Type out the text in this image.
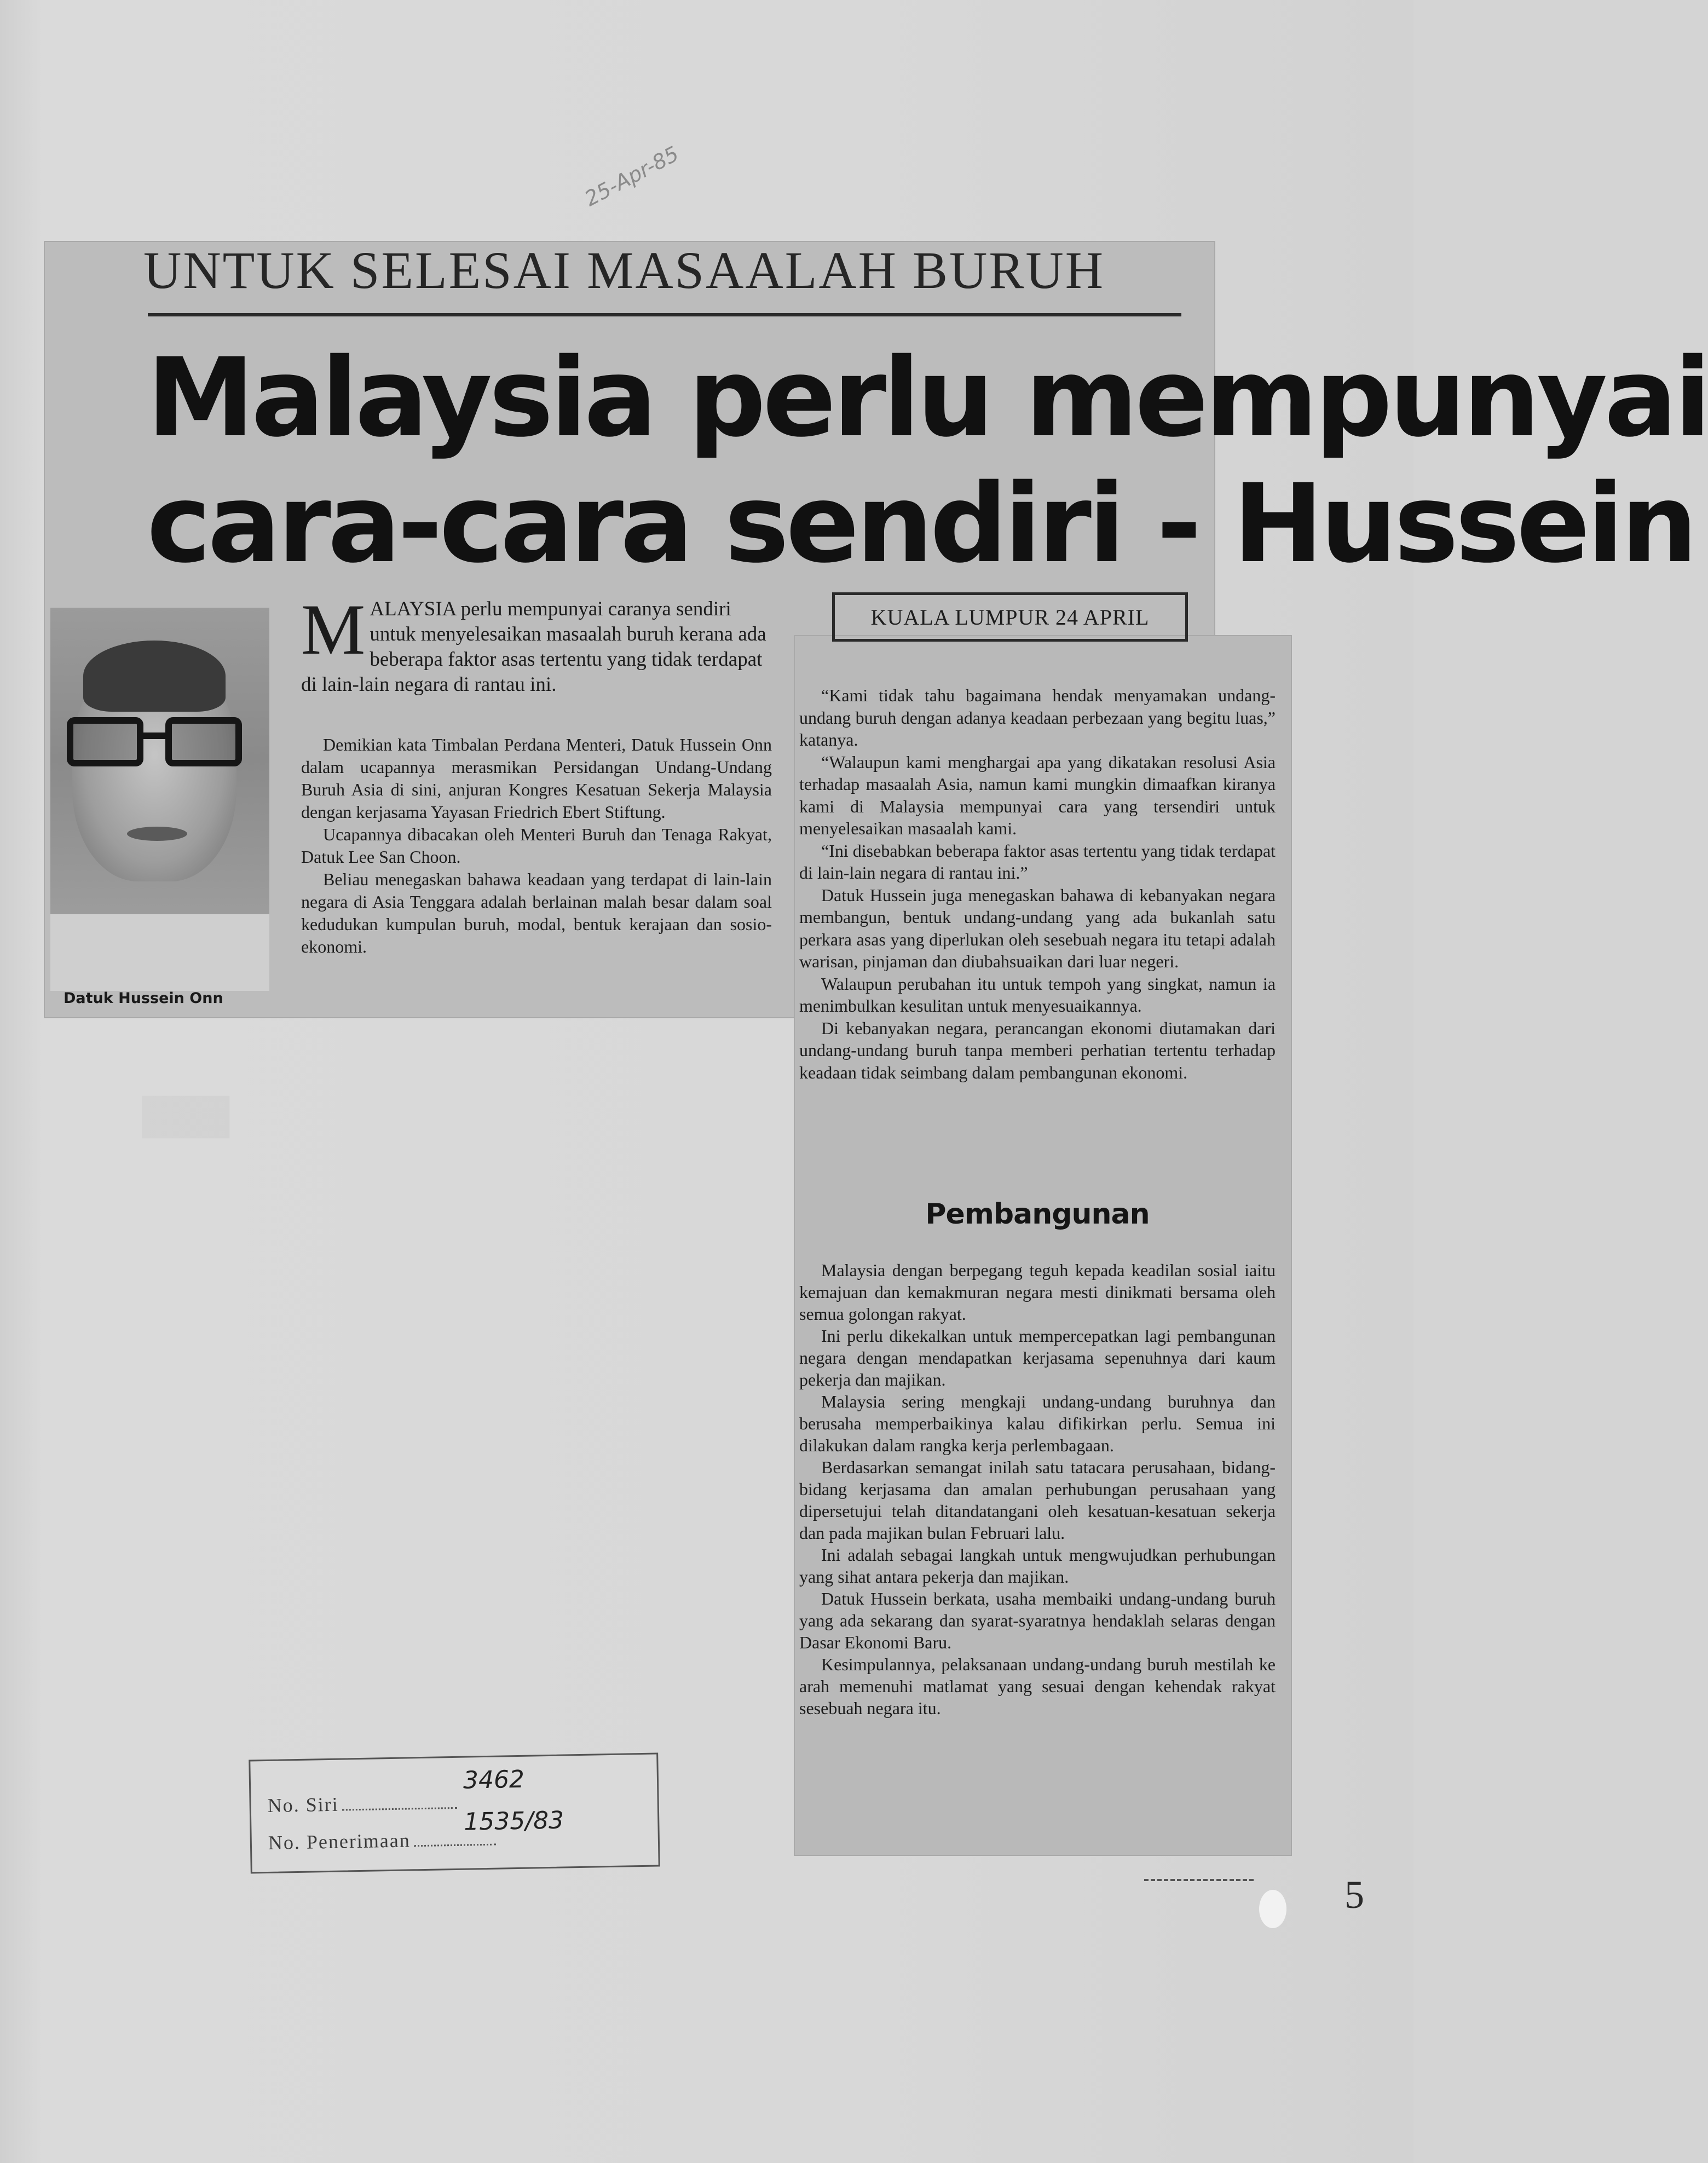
25-Apr-85
UNTUK SELESAI MASAALAH BURUH
Malaysia perlu mempunyai
cara-cara sendiri - Hussein
Datuk Hussein Onn
KUALA LUMPUR 24 APRIL
M ALAYSIA perlu mempunyai caranya sendiri untuk menyelesaikan masaalah buruh kerana ada beberapa faktor asas tertentu yang tidak terdapat di lain-lain negara di rantau ini.

Demikian kata Timbalan Perdana Menteri, Datuk Hussein Onn dalam ucapannya merasmikan Persidangan Undang-Undang Buruh Asia di sini, anjuran Kongres Kesatuan Sekerja Malaysia dengan kerjasama Yayasan Friedrich Ebert Stiftung.

Ucapannya dibacakan oleh Menteri Buruh dan Tenaga Rakyat, Datuk Lee San Choon.

Beliau menegaskan bahawa keadaan yang terdapat di lain-lain negara di Asia Tenggara adalah berlainan malah besar dalam soal kedudukan kumpulan buruh, modal, bentuk kerajaan dan sosio-ekonomi.

“Kami tidak tahu bagaimana hendak menyamakan undang-undang buruh dengan adanya keadaan perbezaan yang begitu luas,” katanya.

“Walaupun kami menghargai apa yang dikatakan resolusi Asia terhadap masaalah Asia, namun kami mungkin dimaafkan kiranya kami di Malaysia mempunyai cara yang tersendiri untuk menyelesaikan masaalah kami.

“Ini disebabkan beberapa faktor asas tertentu yang tidak terdapat di lain-lain negara di rantau ini.”

Datuk Hussein juga menegaskan bahawa di kebanyakan negara membangun, bentuk undang-undang yang ada bukanlah satu perkara asas yang diperlukan oleh sesebuah negara itu tetapi adalah warisan, pinjaman dan diubahsuaikan dari luar negeri.

Walaupun perubahan itu untuk tempoh yang singkat, namun ia menimbulkan kesulitan untuk menyesuaikannya.

Di kebanyakan negara, perancangan ekonomi diutamakan dari undang-undang buruh tanpa memberi perhatian tertentu terhadap keadaan tidak seimbang dalam pembangunan ekonomi.

Pembangunan

Malaysia dengan berpegang teguh kepada keadilan sosial iaitu kemajuan dan kemakmuran negara mesti dinikmati bersama oleh semua golongan rakyat.

Ini perlu dikekalkan untuk mempercepatkan lagi pembangunan negara dengan mendapatkan kerjasama sepenuhnya dari kaum pekerja dan majikan.

Malaysia sering mengkaji undang-undang buruhnya dan berusaha memperbaikinya kalau difikirkan perlu. Semua ini dilakukan dalam rangka kerja perlembagaan.

Berdasarkan semangat inilah satu tatacara perusahaan, bidang-bidang kerjasama dan amalan perhubungan perusahaan yang dipersetujui telah ditandatangani oleh kesatuan-kesatuan sekerja dan pada majikan bulan Februari lalu.

Ini adalah sebagai langkah untuk mengwujudkan perhubungan yang sihat antara pekerja dan majikan.

Datuk Hussein berkata, usaha membaiki undang-undang buruh yang ada sekarang dan syarat-syaratnya hendaklah selaras dengan Dasar Ekonomi Baru.

Kesimpulannya, pelaksanaan undang-undang buruh mestilah ke arah memenuhi matlamat yang sesuai dengan kehendak rakyat sesebuah negara itu.

No. Siri
No. Penerimaan
3462
1535/83
5
